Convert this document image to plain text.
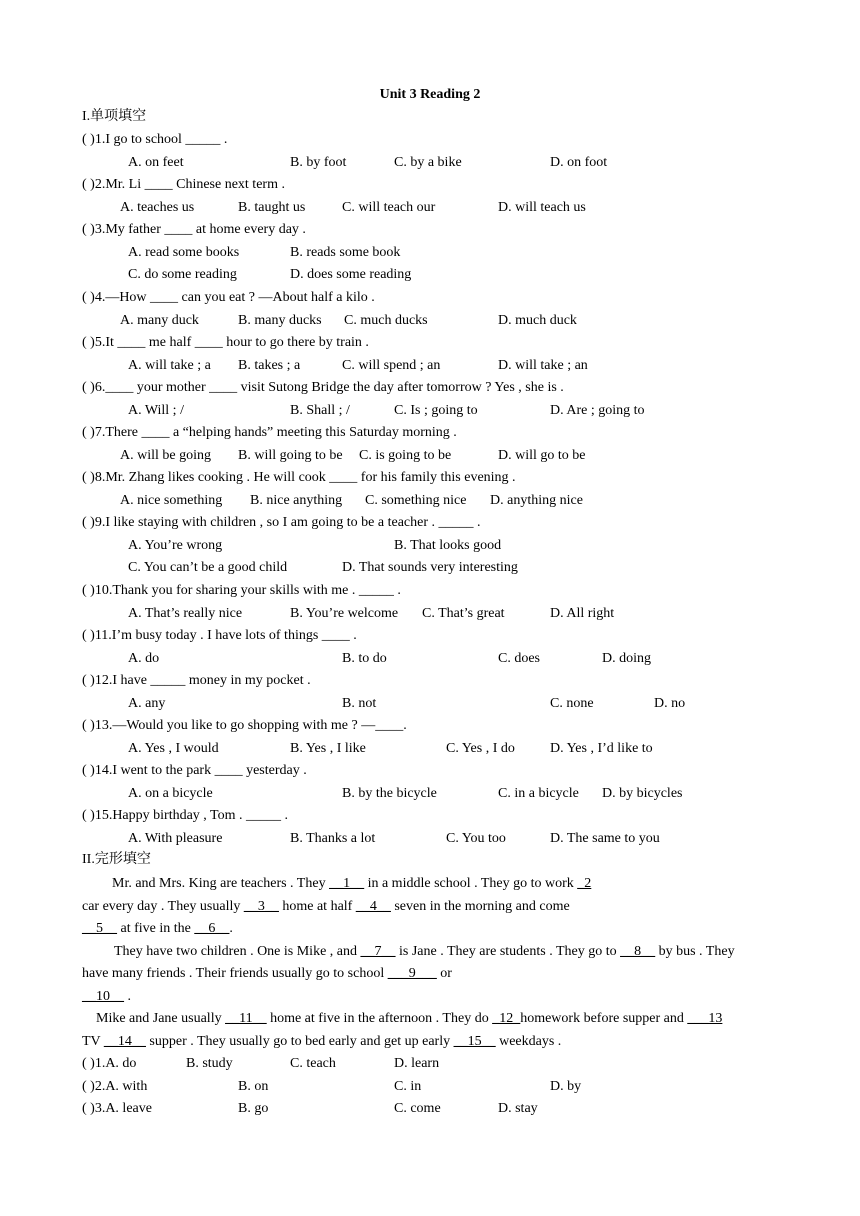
Unit 3 Reading 2
I.单项填空
( )1.I go to school _____ .
A. on feet	B. by foot	C. by a bike	D. on foot
( )2.Mr. Li ____ Chinese next term .
A. teaches us	B. taught us	C. will teach our	D. will teach us
( )3.My father ____ at home every day .
A. read some books	B. reads some book
C. do some reading	D. does some reading
( )4.—How ____ can you eat ? —About half a kilo .
A. many duck	B. many ducks C. much ducks	D. much duck
( )5.It ____ me half ____ hour to go there by train .
A. will take ; a B. takes ; a	C. will spend ; an	D. will take ; an
( )6.____ your mother ____ visit Sutong Bridge the day after tomorrow ? Yes , she is .
A. Will ; /	B. Shall ; /	C. Is ; going to	D. Are ; going to
( )7.There ____ a “helping hands” meeting this Saturday morning .
A. will be going B. will going to be C. is going to be	D. will go to be
( )8.Mr. Zhang likes cooking . He will cook ____ for his family this evening .
A. nice something B. nice anything C. something nice D. anything nice
( )9.I like staying with children , so I am going to be a teacher . _____ .
A. You’re wrong	B. That looks good
C. You can’t be a good child	D. That sounds very interesting
( )10.Thank you for sharing your skills with me . _____ .
A. That’s really nice	B. You’re welcome C. That’s great	D. All right
( )11.I’m busy today . I have lots of things ____ .
A. do	B. to do	C. does	D. doing
( )12.I have _____ money in my pocket .
A. any	B. not	C. none	D. no
( )13.—Would you like to go shopping with me ? —____.
A. Yes , I would	B. Yes , I like	C. Yes , I do	D. Yes , I’d like to
( )14.I went to the park ____ yesterday .
A. on a bicycle	B. by the bicycle	C. in a bicycle D. by bicycles
( )15.Happy birthday , Tom . _____ .
A. With pleasure	B. Thanks a lot	C. You too	D. The same to you
II.完形填空
Mr. and Mrs. King are teachers . They __1__ in a middle school . They go to work _2
car every day . They usually __3__ home at half __4__ seven in the morning and come
__5__ at five in the __6__.
They have two children . One is Mike , and __7__ is Jane . They are students . They go to __8__ by bus . They
have many friends . Their friends usually go to school ___9___ or
__10__ .
Mike and Jane usually __11__ home at five in the afternoon . They do _12_homework before supper and ___13
TV __14__ supper . They usually go to bed early and get up early __15__ weekdays .
( )1.A. do	B. study	C. teach	D. learn
( )2.A. with	B. on	C. in	D. by
( )3.A. leave	B. go	C. come	D. stay
